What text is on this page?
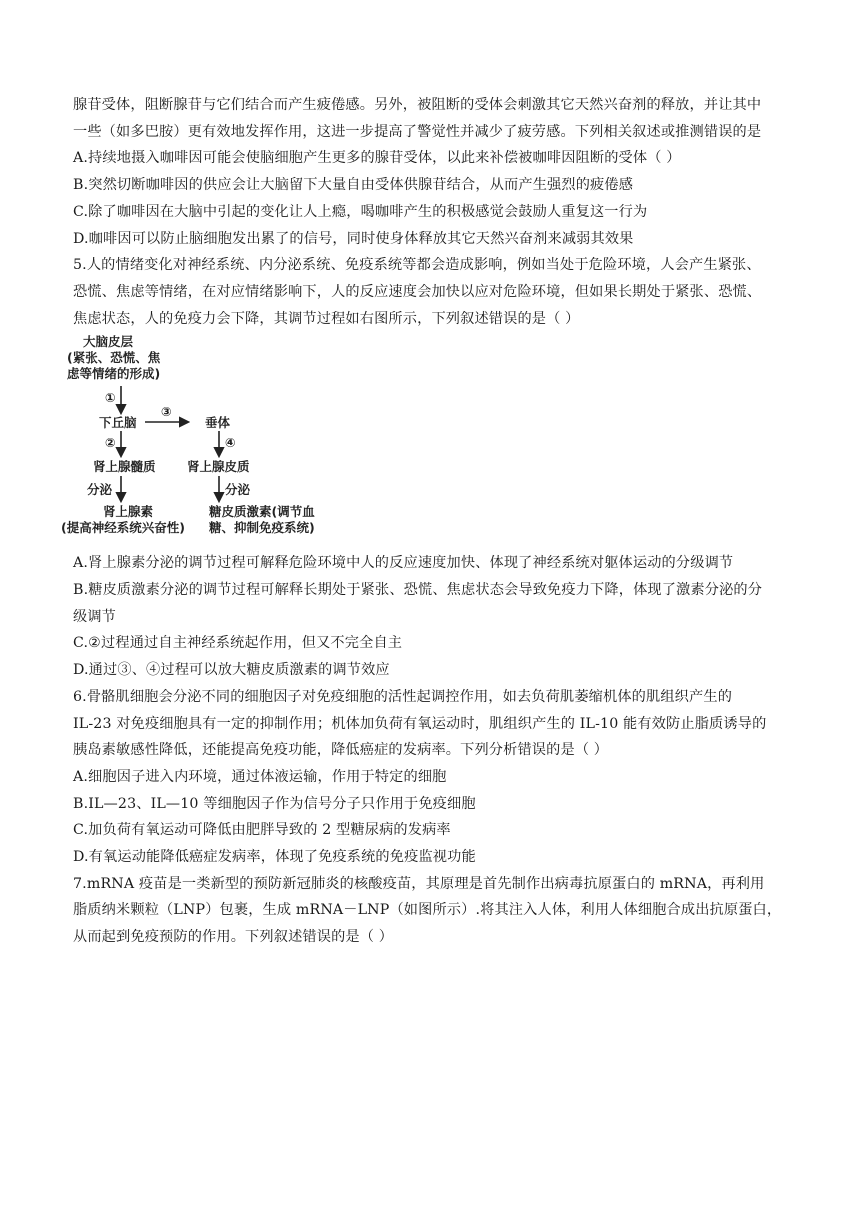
腺苷受体，阻断腺苷与它们结合而产生疲倦感。另外，被阻断的受体会刺激其它天然兴奋剂的释放，并让其中
一些（如多巴胺）更有效地发挥作用，这进一步提高了警觉性并减少了疲劳感。下列相关叙述或推测错误的是
A.持续地摄入咖啡因可能会使脑细胞产生更多的腺苷受体，以此来补偿被咖啡因阻断的受体（ ）
B.突然切断咖啡因的供应会让大脑留下大量自由受体供腺苷结合，从而产生强烈的疲倦感
C.除了咖啡因在大脑中引起的变化让人上瘾，喝咖啡产生的积极感觉会鼓励人重复这一行为
D.咖啡因可以防止脑细胞发出累了的信号，同时使身体释放其它天然兴奋剂来减弱其效果
5.人的情绪变化对神经系统、内分泌系统、免疫系统等都会造成影响，例如当处于危险环境，人会产生紧张、
恐慌、焦虑等情绪，在对应情绪影响下，人的反应速度会加快以应对危险环境，但如果长期处于紧张、恐慌、
焦虑状态，人的免疫力会下降，其调节过程如右图所示，下列叙述错误的是（ ）
大脑皮层
(紧张、恐慌、焦
虑等情绪的形成)
①
③
下丘脑	垂体
②	④
肾上腺髓质	肾上腺皮质
分泌	分泌
肾上腺素
(提高神经系统兴奋性)
糖皮质激素(调节血
糖、抑制免疫系统)
A.肾上腺素分泌的调节过程可解释危险环境中人的反应速度加快、体现了神经系统对躯体运动的分级调节
B.糖皮质激素分泌的调节过程可解释长期处于紧张、恐慌、焦虑状态会导致免疫力下降，体现了激素分泌的分
级调节
C.②过程通过自主神经系统起作用，但又不完全自主
D.通过③、④过程可以放大糖皮质激素的调节效应
6.骨骼肌细胞会分泌不同的细胞因子对免疫细胞的活性起调控作用，如去负荷肌萎缩机体的肌组织产生的
IL-23 对免疫细胞具有一定的抑制作用；机体加负荷有氧运动时，肌组织产生的 IL-10 能有效防止脂质诱导的
胰岛素敏感性降低，还能提高免疫功能，降低癌症的发病率。下列分析错误的是（ ）
A.细胞因子进入内环境，通过体液运输，作用于特定的细胞
B.IL—23、IL—10 等细胞因子作为信号分子只作用于免疫细胞
C.加负荷有氧运动可降低由肥胖导致的 2 型糖尿病的发病率
D.有氧运动能降低癌症发病率，体现了免疫系统的免疫监视功能
7.mRNA 疫苗是一类新型的预防新冠肺炎的核酸疫苗，其原理是首先制作出病毒抗原蛋白的 mRNA，再利用
脂质纳米颗粒（LNP）包裹，生成 mRNA－LNP（如图所示）.将其注入人体，利用人体细胞合成出抗原蛋白，
从而起到免疫预防的作用。下列叙述错误的是（ ）
